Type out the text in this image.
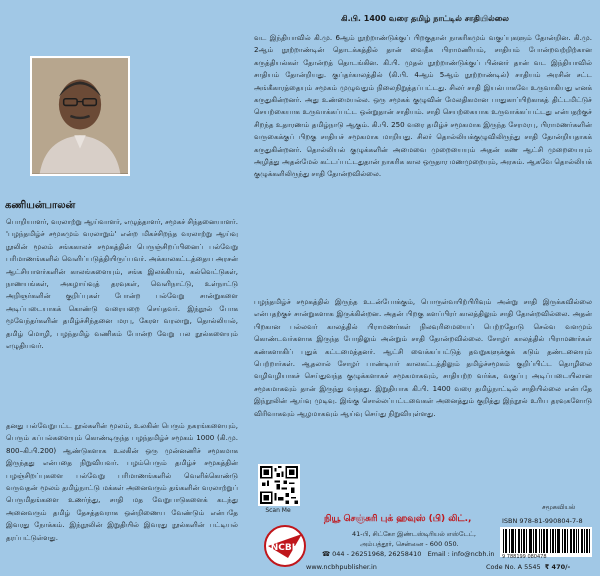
கணியன்பாலன்

பொறியாளர், வரலாற்று ஆய்வாளர், எழுத்தாளர், சமூகச் சிந்தனையாளர். 'பழந்தமிழ்ச் சமூகமும் வரலாறும்' என்ற மிகச்சிறந்த வரலாற்று ஆய்வு நூலின் மூலம் சங்ககாலச் சமூகத்தின் பெருஞ்சிறப்பினைப் பல்வேறு பரிமாணங்களில் வெளிப்படுத்தியிருப்பவர். அக்காலகட்டத்தைய அரசன் ஆட்சியாளர்களின் காலங்களையும், சங்க இலக்கியம், கல்வெட்டுகள், நாணயங்கள், அகழாய்வுத் தரவுகள், வெளிநாட்டு, உள்நாட்டு அறிஞர்களின் குறிப்புகள் போன்ற பல்வேறு சான்றுகளை அடிப்படையாகக் கொண்டு வரையறை செய்தவர். இந்நூல் போக மூவேந்தர்களின் தமிழ்ச்சிந்தனை மரபு, கேரள வரலாறு, தொல்லியல், தமிழ் மொழி, பழந்தமிழ் வணிகம் போன்ற வேறு பல நூல்களையும் எழுதியவர்.

தனது பல்வேறுபட்ட நூல்களின் மூலம், உலகின் பெரும் நகரங்களையும், பெரும் கப்பல்களையும் கொண்டிருந்த பழந்தமிழ்ச் சமூகம் 1000 (கி.மு. 800–கி.பி.200) ஆண்டுகளாக உலகின் ஒரு முன்னணிச் சமூகமாக இருந்தது என்பதை நிறுவியவர். பழம்பெரும் தமிழ்ச் சமூகத்தின் பழஞ்சிறப்புகளை பல்வேறு பரிமாணங்களில் வெளிக்கொண்டு வருவதன் மூலம் தமிழ்நாட்டு மக்கள் அனைவரும் தங்களின் வரலாற்றுப் பெருமிதங்களை உணர்ந்து, சாதி மத வேறுபாடுகளைக் கடந்து அனைவரும் தமிழ் தேசத்தவராக ஒன்றிணைய வேண்டும் என்பதே இவரது நோக்கம். இந்நூலின் இறுதியில் இவரது நூல்களின் பட்டியல் தரப்பட்டுள்ளது.

கி.பி. 1400 வரை தமிழ் நாட்டில் சாதியில்லை

வட இந்தியாவில் கி.மு. 6ஆம் நூற்றாண்டுக்குப் பிறகுதான் நாகரிகமும் வகுப்புகளும் தோன்றின. கி.மு. 2ஆம் நூற்றாண்டின் தொடக்கத்தில் தான் வைதீக பிராமணியம், சாதியம் போன்றவற்றிற்கான கருத்தியல்கள் தோன்றத் தொடங்கின. கி.பி. முதல் நூற்றாண்டுக்குப் பின்னர் தான் வட இந்தியாவில் சாதியம் தோன்றியது. குப்தர்காலத்தில் (கி.பி. 4ஆம் 5ஆம் நூற்றாண்டில்) சாதியம் அரசின் சட்ட அங்கீகாரத்தையும் சமூகம் முழுவதும் நிலைநிறுத்தப்பட்டது. சிலர் சாதி இயல்பாகவே உருவாகியது எனக் கருதுகின்றனர். அது உண்மையல்ல. ஒரு சமூகக் குழுவின் மேலதிகமான பாதுகாப்பிற்காகத் திட்டமிட்டுச் செயற்கையாக உருவாக்கப்பட்ட ஒன்றுதான் சாதியம். சாதி செயற்கையாக உருவாக்கப்பட்டது என்பதற்குச் சிறந்த உதாரணம் தமிழ்நாடு ஆகும். கி.பி. 250 வரை தமிழ்ச் சமூகமாக இருந்த சேரமரபு, பிராமணர்களின் வருகைக்குப் பிறகு சாதியச் சமூகமாக மாறியது. சிலர் தொல்லியக்குழுவிலிருந்து சாதி தோன்றியதாகக் கருதுகின்றனர். தொல்லியல் குழுக்களின் அமைவை முறையையும் அதன் கண ஆட்சி முறையையும் அழித்து அதன்மேல் கட்டப்பட்டதுதான் நாகரிக கால ஒருதார மணமுறையும், அரசும். ஆகவே தொல்லியக் குழுக்களிலிருந்து சாதி தோன்றவில்லை.

பழந்தமிழ்ச் சமூகத்தில் இருந்த உடன்போக்கும், பொருள்வயிற்பிரிவும் அன்று சாதி இருக்கவில்லை என்பதற்குச் சான்றுகளாக இருக்கின்றன. அதன் பிறகு களப்பிரர் காலத்திலும் சாதி தோன்றவில்லை. அதன் பிறகான பல்லவர் காலத்தில் பிராமணர்கள் நிலவுரிமையைப் பெற்றதோடு செல்வ வளமும் கொண்டவர்களாக இருந்த போதிலும் அன்றும் சாதி தோன்றவில்லை. சோழர் காலத்தில் பிராமணர்கள் கண்களாகிப் புதுக் கட்டமைத்தனர். ஆட்சி வைக்கப்பட்டுத் தவறுகளுக்குக் கடும் தண்டனையும் பெற்றார்கள். ஆதலால் சோழர் பாண்டியர் காலகட்டத்திலும் தமிழ்ச்சமூகம் குறிப்பிட்ட தொழிலை வழிவழியாகச் செய்துவந்த குழுக்களாகச் சமூகமாகவும், சாதியற்ற வர்க்க, வகுப்பு அடிப்படையிலான சமூகமாகவும் தான் இருந்து வந்தது. இறுதியாக கி.பி. 1400 வரை தமிழ்நாட்டில் சாதியில்லை என்பதே இந்நூலின் ஆய்வு முடிவு. இங்கு சொல்லப்பட்டவைகள் அனைத்தும் குறித்து இந்நூல் உரிய தரவுகளோடு விரிவாகவும் ஆழமாகவும் ஆய்வு செய்து நிறுவியுள்ளது.

Scan Me
NCBH
நியூ செஞ்சுரி புக் ஹவுஸ் (பி) லிட்.,
41-பி, சிட்கோ இண்டஸ்டிரியல் எஸ்டேட்,
அம்பத்தூர், சென்னை - 600 050.
☎ 044 - 26251968, 26258410 Email : info@ncbh.in
www.ncbhpublisher.in
சமூகவியல்
ISBN 978-81-990804-7-8
9 788199 080478
Code No. A 5545 ₹ 470/-
